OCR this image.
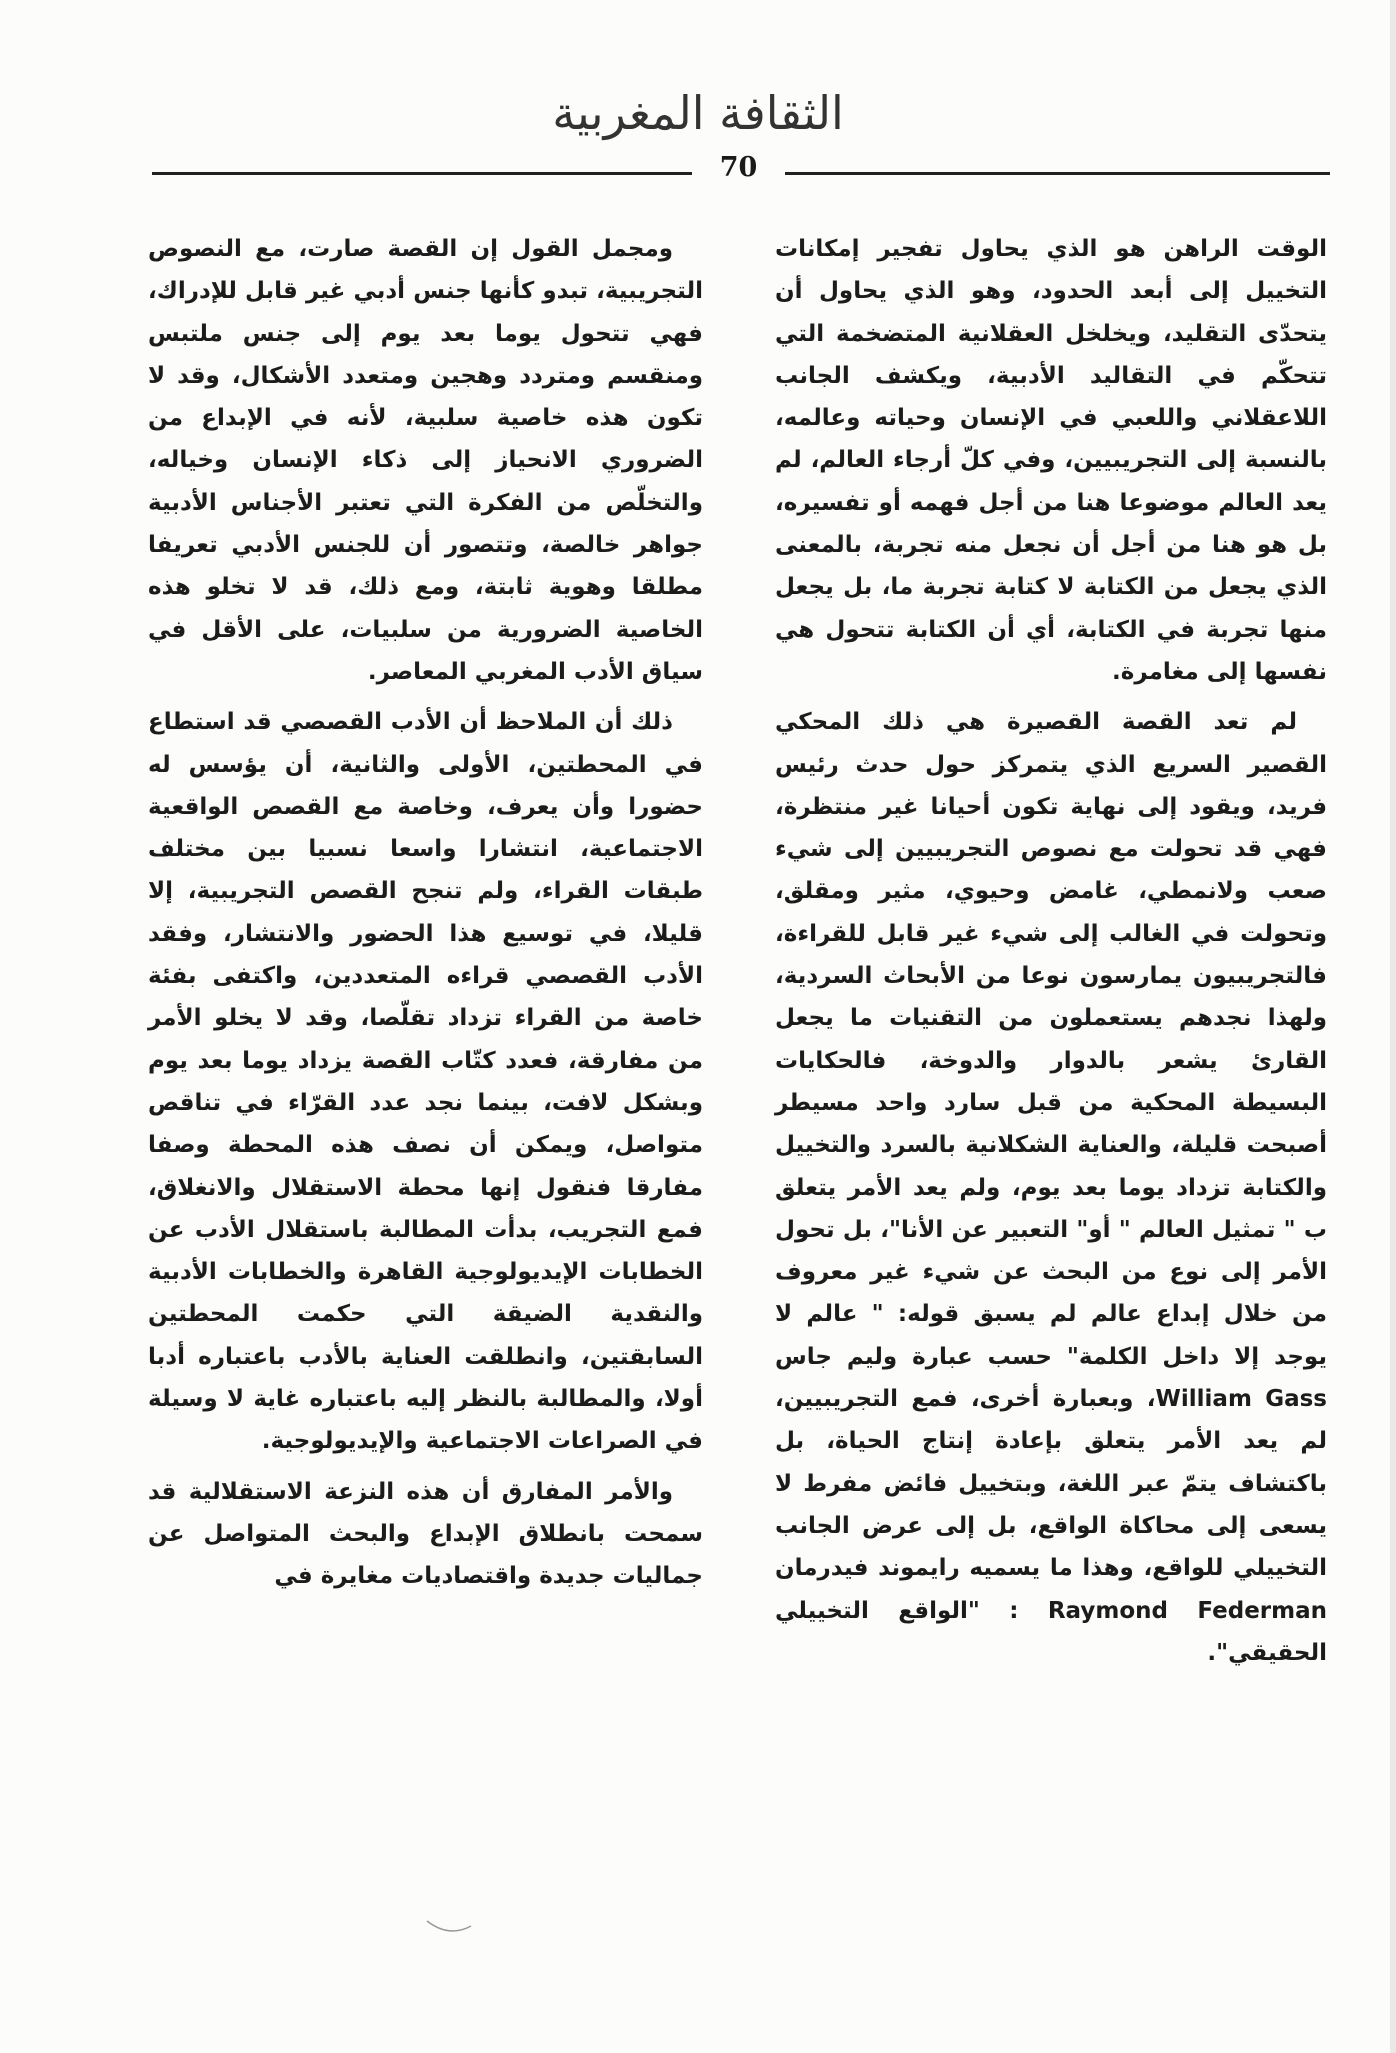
الثقافة المغربية
70

الوقت الراهن هو الذي يحاول تفجير إمكانات التخييل إلى أبعد الحدود، وهو الذي يحاول أن يتحدّى التقليد، ويخلخل العقلانية المتضخمة التي تتحكّم في التقاليد الأدبية، ويكشف الجانب اللاعقلاني واللعبي في الإنسان وحياته وعالمه، بالنسبة إلى التجريبيين، وفي كلّ أرجاء العالم، لم يعد العالم موضوعا هنا من أجل فهمه أو تفسيره، بل هو هنا من أجل أن نجعل منه تجربة، بالمعنى الذي يجعل من الكتابة لا كتابة تجربة ما، بل يجعل منها تجربة في الكتابة، أي أن الكتابة تتحول هي نفسها إلى مغامرة.

لم تعد القصة القصيرة هي ذلك المحكي القصير السريع الذي يتمركز حول حدث رئيس فريد، ويقود إلى نهاية تكون أحيانا غير منتظرة، فهي قد تحولت مع نصوص التجريبيين إلى شيء صعب ولانمطي، غامض وحيوي، مثير ومقلق، وتحولت في الغالب إلى شيء غير قابل للقراءة، فالتجريبيون يمارسون نوعا من الأبحاث السردية، ولهذا نجدهم يستعملون من التقنيات ما يجعل القارئ يشعر بالدوار والدوخة، فالحكايات البسيطة المحكية من قبل سارد واحد مسيطر أصبحت قليلة، والعناية الشكلانية بالسرد والتخييل والكتابة تزداد يوما بعد يوم، ولم يعد الأمر يتعلق ب " تمثيل العالم " أو" التعبير عن الأنا"، بل تحول الأمر إلى نوع من البحث عن شيء غير معروف من خلال إبداع عالم لم يسبق قوله: " عالم لا يوجد إلا داخل الكلمة" حسب عبارة وليم جاس William Gass، وبعبارة أخرى، فمع التجريبيين، لم يعد الأمر يتعلق بإعادة إنتاج الحياة، بل باكتشاف يتمّ عبر اللغة، وبتخييل فائض مفرط لا يسعى إلى محاكاة الواقع، بل إلى عرض الجانب التخييلي للواقع، وهذا ما يسميه رايموند فيدرمان Raymond Federman : "الواقع التخييلي الحقيقي".

ومجمل القول إن القصة صارت، مع النصوص التجريبية، تبدو كأنها جنس أدبي غير قابل للإدراك، فهي تتحول يوما بعد يوم إلى جنس ملتبس ومنقسم ومتردد وهجين ومتعدد الأشكال، وقد لا تكون هذه خاصية سلبية، لأنه في الإبداع من الضروري الانحياز إلى ذكاء الإنسان وخياله، والتخلّص من الفكرة التي تعتبر الأجناس الأدبية جواهر خالصة، وتتصور أن للجنس الأدبي تعريفا مطلقا وهوية ثابتة، ومع ذلك، قد لا تخلو هذه الخاصية الضرورية من سلبيات، على الأقل في سياق الأدب المغربي المعاصر.

ذلك أن الملاحظ أن الأدب القصصي قد استطاع في المحطتين، الأولى والثانية، أن يؤسس له حضورا وأن يعرف، وخاصة مع القصص الواقعية الاجتماعية، انتشارا واسعا نسبيا بين مختلف طبقات القراء، ولم تنجح القصص التجريبية، إلا قليلا، في توسيع هذا الحضور والانتشار، وفقد الأدب القصصي قراءه المتعددين، واكتفى بفئة خاصة من القراء تزداد تقلّصا، وقد لا يخلو الأمر من مفارقة، فعدد كتّاب القصة يزداد يوما بعد يوم وبشكل لافت، بينما نجد عدد القرّاء في تناقص متواصل، ويمكن أن نصف هذه المحطة وصفا مفارقا فنقول إنها محطة الاستقلال والانغلاق، فمع التجريب، بدأت المطالبة باستقلال الأدب عن الخطابات الإيديولوجية القاهرة والخطابات الأدبية والنقدية الضيقة التي حكمت المحطتين السابقتين، وانطلقت العناية بالأدب باعتباره أدبا أولا، والمطالبة بالنظر إليه باعتباره غاية لا وسيلة في الصراعات الاجتماعية والإيديولوجية.

والأمر المفارق أن هذه النزعة الاستقلالية قد سمحت بانطلاق الإبداع والبحث المتواصل عن جماليات جديدة واقتصاديات مغايرة في
